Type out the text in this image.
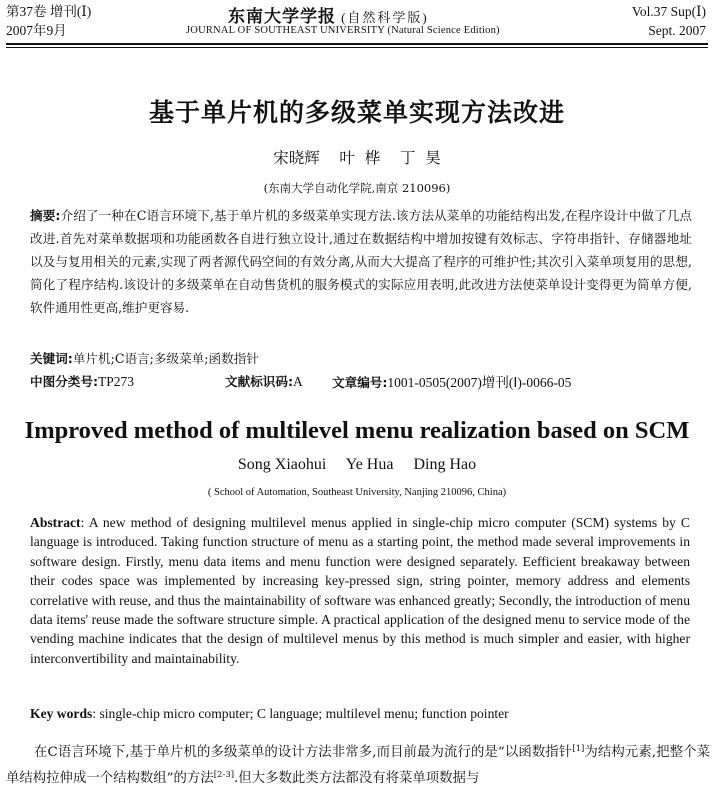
第37卷 增刊(Ⅰ)
2007年9月
东南大学学报 (自然科学版)
JOURNAL OF SOUTHEAST UNIVERSITY (Natural Science Edition)
Vol.37 Sup(Ⅰ)
Sept. 2007
基于单片机的多级菜单实现方法改进
宋晓辉    叶  桦    丁  昊
(东南大学自动化学院,南京 210096)
摘要:介绍了一种在C语言环境下,基于单片机的多级菜单实现方法.该方法从菜单的功能结构出发,在程序设计中做了几点改进.首先对菜单数据项和功能函数各自进行独立设计,通过在数据结构中增加按键有效标志、字符串指针、存储器地址以及与复用相关的元素,实现了两者源代码空间的有效分离,从而大大提高了程序的可维护性;其次引入菜单项复用的思想,简化了程序结构.该设计的多级菜单在自动售货机的服务模式的实际应用表明,此改进方法使菜单设计变得更为简单方便,软件通用性更高,维护更容易.
关键词:单片机;C语言;多级菜单;函数指针
中图分类号:TP273	文献标识码:A 文章编号:1001-0505(2007)增刊(Ⅰ)-0066-05
Improved method of multilevel menu realization based on SCM
Song Xiaohui     Ye Hua     Ding Hao
( School of Automation, Southeast University, Nanjing 210096, China)
Abstract: A new method of designing multilevel menus applied in single-chip micro computer (SCM) systems by C language is introduced. Taking function structure of menu as a starting point, the method made several improvements in software design. Firstly, menu data items and menu function were designed separately. Eefficient breakaway between their codes space was implemented by increasing key-pressed sign, string pointer, memory address and elements correlative with reuse, and thus the maintainability of software was enhanced greatly; Secondly, the introduction of menu data items' reuse made the software structure simple. A practical application of the designed menu to service mode of the vending machine indicates that the design of multilevel menus by this method is much simpler and easier, with higher interconvertibility and maintainability.
Key words: single-chip micro computer; C language; multilevel menu; function pointer
在C语言环境下,基于单片机的多级菜单的设计方法非常多,而目前最为流行的是“以函数指针[1]为结构元素,把整个菜单结构拉伸成一个结构数组”的方法[2-3].但大多数此类方法都没有将菜单项数据与
